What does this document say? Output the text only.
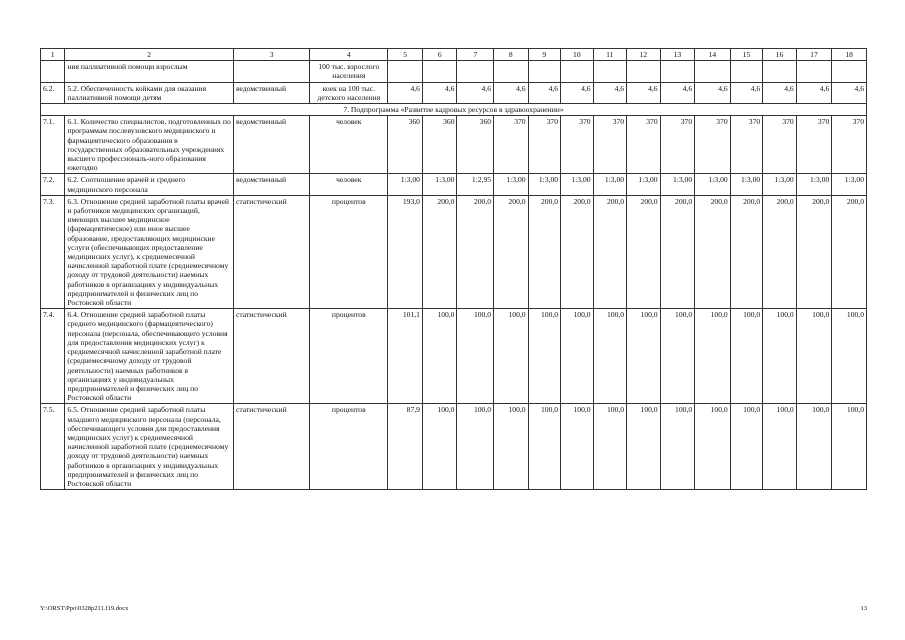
1	2	3	4	5	6	7	8	9	10	11	12	13	14	15	16	17	18
	ния паллиативной помощи взрослым		100 тыс. взрослого населения														
6.2.	5.2. Обеспеченность койками для оказания паллиативной помощи детям	ведомственный	коек на 100 тыс. детского населения	4,6	4,6	4,6	4,6	4,6	4,6	4,6	4,6	4,6	4,6	4,6	4,6	4,6	4,6
7. Подпрограмма «Развитие кадровых ресурсов в здравоохранении»																	
7.1.	6.1. Количество специалистов, подготовленных по программам послевузовского медицинского и фармацевтического образования в государственных образовательных учреждениях высшего профессиональ-ного образования ежегодно	ведомственный	человек	360	360	360	370	370	370	370	370	370	370	370	370	370	370
7.2.	6.2. Соотношение врачей и среднего медицинского персонала	ведомственный	человек	1:3,00	1:3,00	1:2,95	1:3,00	1:3,00	1:3,00	1:3,00	1:3,00	1:3,00	1:3,00	1:3,00	1:3,00	1:3,00	1:3,00
7.3.	6.3. Отношение средней заработной платы врачей и работников медицинских организаций, имеющих высшее медицинское (фармацевтическое) или иное высшее образование, предоставляющих медицинские услуги (обеспечивающих предоставление медицинских услуг), к среднемесячной начисленной заработной плате (среднемесячному доходу от трудовой деятельности) наемных работников в организациях у индивидуальных предпринимателей и физических лиц по Ростовской области	статистический	процентов	193,0	200,0	200,0	200,0	200,0	200,0	200,0	200,0	200,0	200,0	200,0	200,0	200,0	200,0
7.4.	6.4. Отношение средней заработной платы среднего медицинского (фармацевтического) персонала (персонала, обеспечивающего условия для предоставления медицинских услуг) к среднемесячной начисленной заработной плате (среднемесячному доходу от трудовой деятельности) наемных работников в организациях у индивидуальных предпринимателей и физических лиц по Ростовской области	статистический	процентов	101,1	100,0	100,0	100,0	100,0	100,0	100,0	100,0	100,0	100,0	100,0	100,0	100,0	100,0
7.5.	6.5. Отношение средней заработной платы младшего медицинского персонала (персонала, обеспечивающего условия для предоставления медицинских услуг) к среднемесячной начисленной заработной плате (среднемесячному доходу от трудовой деятельности) наемных работников в организациях у индивидуальных предпринимателей и физических лиц по Ростовской области	статистический	процентов	87,9	100,0	100,0	100,0	100,0	100,0	100,0	100,0	100,0	100,0	100,0	100,0	100,0	100,0
Y:\ORST\Ppo\0328p211.f19.docx	13
